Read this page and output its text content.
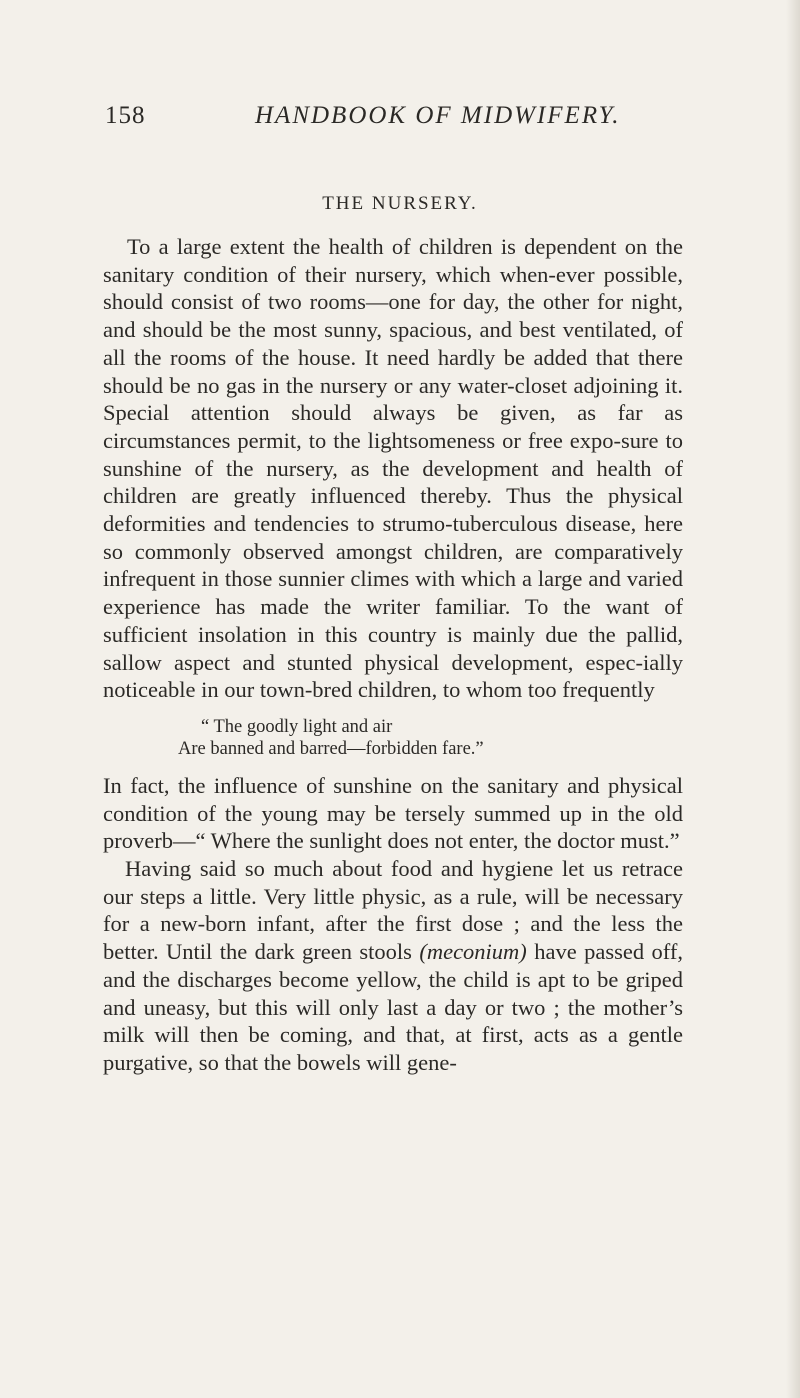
158	HANDBOOK OF MIDWIFERY.
THE NURSERY.

To a large extent the health of children is dependent on the sanitary condition of their nursery, which when-ever possible, should consist of two rooms—one for day, the other for night, and should be the most sunny, spacious, and best ventilated, of all the rooms of the house. It need hardly be added that there should be no gas in the nursery or any water-closet adjoining it. Special attention should always be given, as far as circumstances permit, to the lightsomeness or free expo-sure to sunshine of the nursery, as the development and health of children are greatly influenced thereby. Thus the physical deformities and tendencies to strumo-tuberculous disease, here so commonly observed amongst children, are comparatively infrequent in those sunnier climes with which a large and varied experience has made the writer familiar. To the want of sufficient insolation in this country is mainly due the pallid, sallow aspect and stunted physical development, espec-ially noticeable in our town-bred children, to whom too frequently

“ The goodly light and air
Are banned and barred—forbidden fare.”

In fact, the influence of sunshine on the sanitary and physical condition of the young may be tersely summed up in the old proverb—“ Where the sunlight does not enter, the doctor must.”

Having said so much about food and hygiene let us retrace our steps a little. Very little physic, as a rule, will be necessary for a new-born infant, after the first dose ; and the less the better. Until the dark green stools (meconium) have passed off, and the discharges become yellow, the child is apt to be griped and uneasy, but this will only last a day or two ; the mother’s milk will then be coming, and that, at first, acts as a gentle purgative, so that the bowels will gene-
